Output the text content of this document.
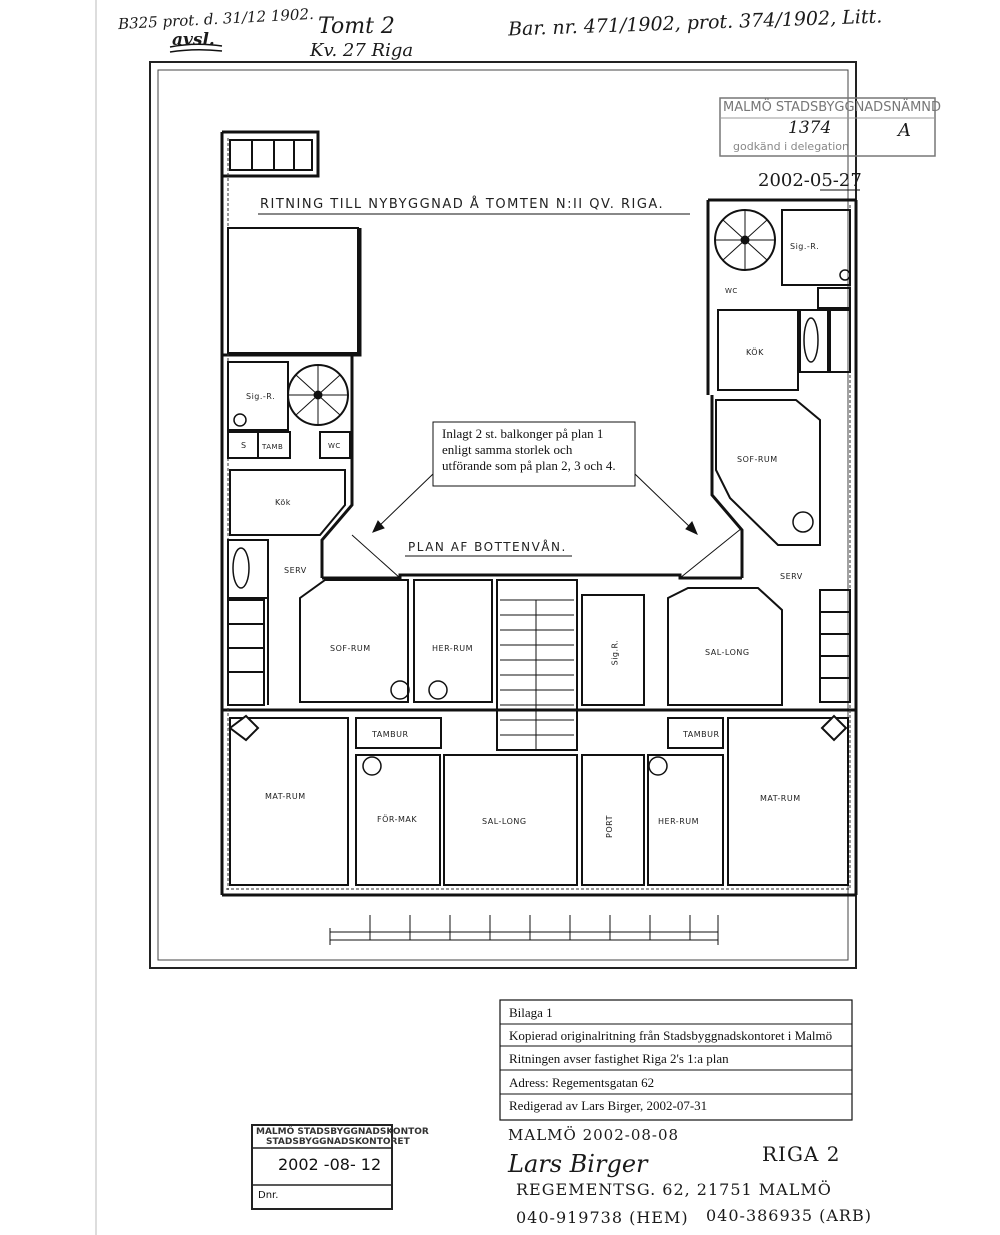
B325 prot. d. 31/12 1902.
avsl.
Tomt 2
Kv. 27 Riga
Bar. nr. 471/1902, prot. 374/1902, Litt.
MALMÖ STADSBYGGNADSNÄMND
1374	A
godkänd i delegation
2002-05-27
RITNING TILL NYBYGGNAD Å TOMTEN N:II QV. RIGA.
PLAN AF BOTTENVÅN.
Inlagt 2 st. balkonger på plan 1
enligt samma storlek och
utförande som på plan 2, 3 och 4.
Sig.-R.
Kök
S TAMB	WC
SERV
SOF-RUM	HER-RUM
Sig.-R.
WC
KÖK
SOF-RUM
SERV
SAL-LONG
Sig.R.
TAMBUR	TAMBUR
MAT-RUM	MAT-RUM
FÖR-MAK	SAL-LONG	PORT	HER-RUM
Bilaga 1
Kopierad originalritning från Stadsbyggnadskontoret i Malmö
Ritningen avser fastighet Riga 2's 1:a plan
Adress: Regementsgatan 62
Redigerad av Lars Birger, 2002-07-31
MALMÖ STADSBYGGNADSKONTOR
STADSBYGGNADSKONTORET
2002 -08- 12
Dnr.
MALMÖ 2002-08-08
Lars Birger	RIGA 2
REGEMENTSG. 62, 21751 MALMÖ
040-919738 (HEM) 040-386935 (ARB)
